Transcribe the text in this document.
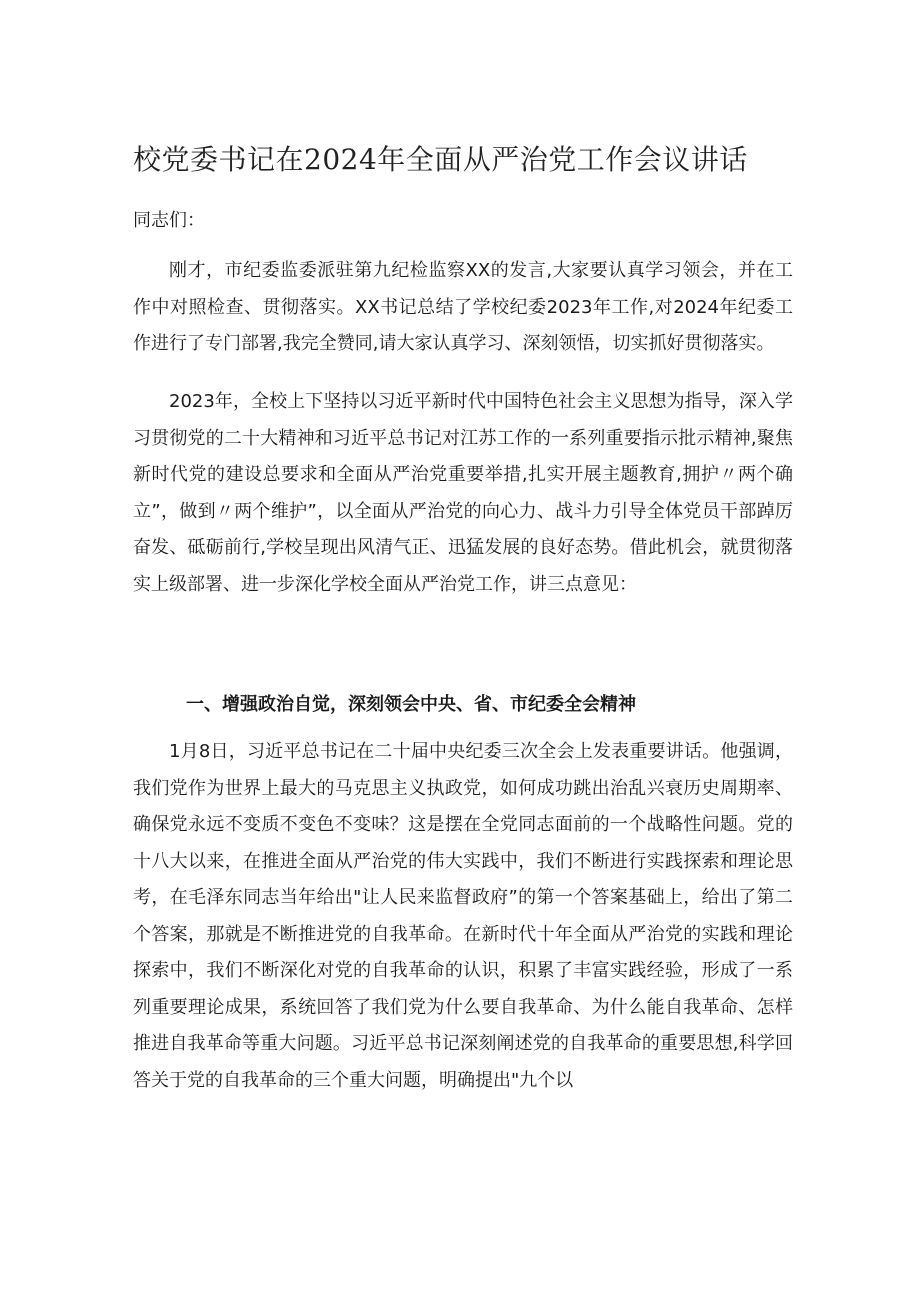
校党委书记在2024年全面从严治党工作会议讲话
同志们：

刚才，市纪委监委派驻第九纪检监察XX的发言,大家要认真学习领会，并在工作中对照检查、贯彻落实。XX书记总结了学校纪委2023年工作,对2024年纪委工作进行了专门部署,我完全赞同,请大家认真学习、深刻领悟，切实抓好贯彻落实。

2023年，全校上下坚持以习近平新时代中国特色社会主义思想为指导，深入学习贯彻党的二十大精神和习近平总书记对江苏工作的一系列重要指示批示精神,聚焦新时代党的建设总要求和全面从严治党重要举措,扎实开展主题教育,拥护〃两个确立”，做到〃两个维护”，以全面从严治党的向心力、战斗力引导全体党员干部踔厉奋发、砥砺前行,学校呈现出风清气正、迅猛发展的良好态势。借此机会，就贯彻落实上级部署、进一步深化学校全面从严治党工作，讲三点意见：

一、增强政治自觉，深刻领会中央、省、市纪委全会精神

1月8日，习近平总书记在二十届中央纪委三次全会上发表重要讲话。他强调，我们党作为世界上最大的马克思主义执政党，如何成功跳出治乱兴衰历史周期率、确保党永远不变质不变色不变味？这是摆在全党同志面前的一个战略性问题。党的十八大以来，在推进全面从严治党的伟大实践中，我们不断进行实践探索和理论思考，在毛泽东同志当年给出"让人民来监督政府”的第一个答案基础上，给出了第二个答案，那就是不断推进党的自我革命。在新时代十年全面从严治党的实践和理论探索中，我们不断深化对党的自我革命的认识，积累了丰富实践经验，形成了一系列重要理论成果，系统回答了我们党为什么要自我革命、为什么能自我革命、怎样推进自我革命等重大问题。习近平总书记深刻阐述党的自我革命的重要思想,科学回答关于党的自我革命的三个重大问题，明确提出"九个以
